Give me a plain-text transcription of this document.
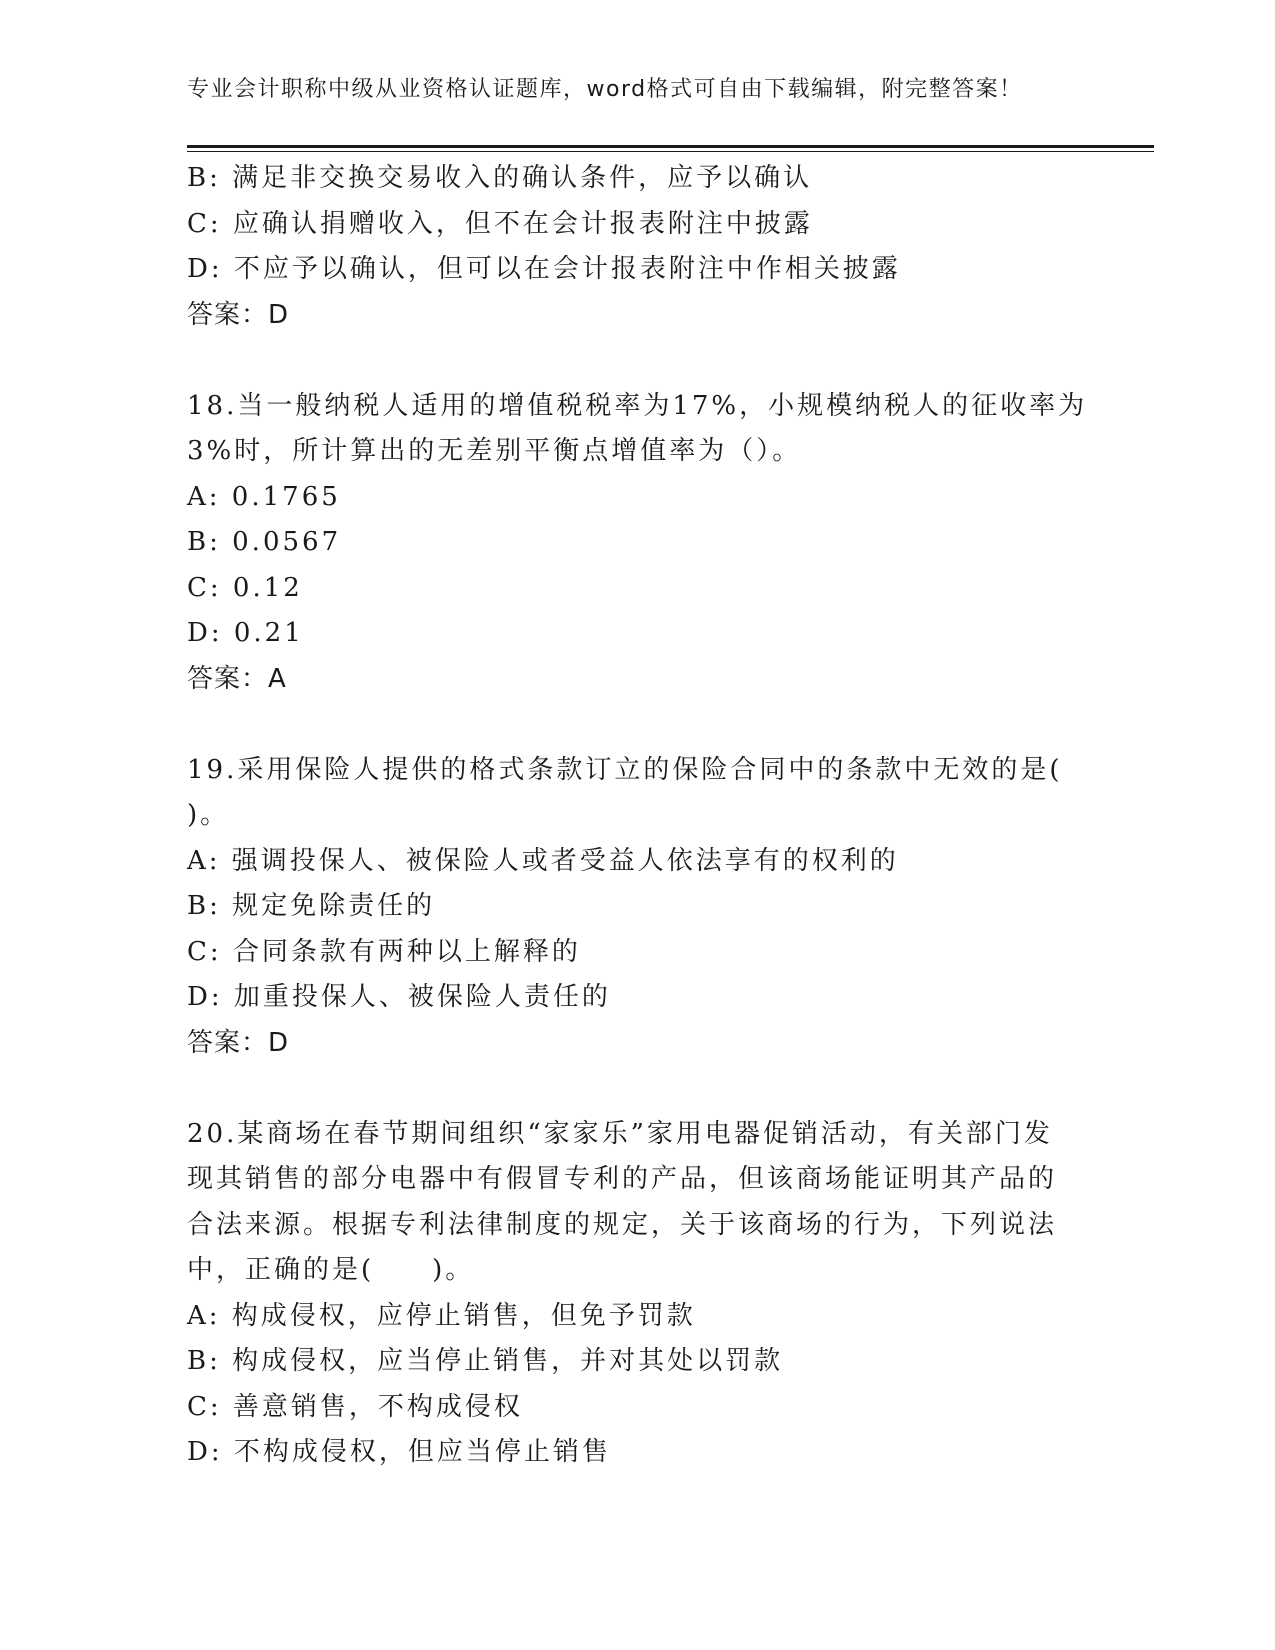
专业会计职称中级从业资格认证题库，word格式可自由下载编辑，附完整答案！
B: 满足非交换交易收入的确认条件，应予以确认
C: 应确认捐赠收入，但不在会计报表附注中披露
D: 不应予以确认，但可以在会计报表附注中作相关披露
答案：D
18.当一般纳税人适用的增值税税率为17%，小规模纳税人的征收率为
3%时，所计算出的无差别平衡点增值率为（）。
A: 0.1765
B: 0.0567
C: 0.12
D: 0.21
答案：A
19.采用保险人提供的格式条款订立的保险合同中的条款中无效的是(
)。
A: 强调投保人、被保险人或者受益人依法享有的权利的
B: 规定免除责任的
C: 合同条款有两种以上解释的
D: 加重投保人、被保险人责任的
答案：D
20.某商场在春节期间组织“家家乐”家用电器促销活动，有关部门发
现其销售的部分电器中有假冒专利的产品，但该商场能证明其产品的
合法来源。根据专利法律制度的规定，关于该商场的行为，下列说法
中，正确的是(　　)。
A: 构成侵权，应停止销售，但免予罚款
B: 构成侵权，应当停止销售，并对其处以罚款
C: 善意销售，不构成侵权
D: 不构成侵权，但应当停止销售
